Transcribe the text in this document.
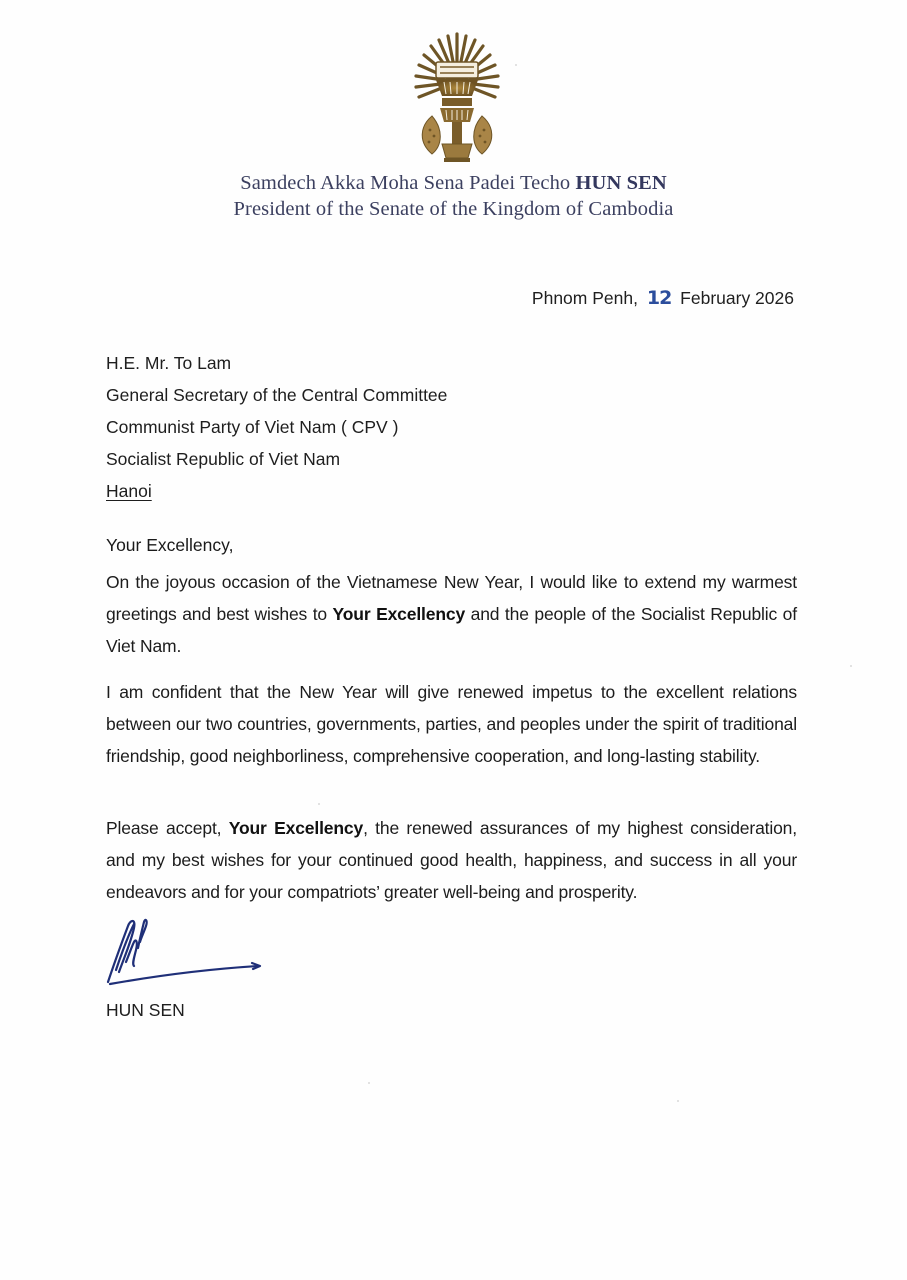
Samdech Akka Moha Sena Padei Techo HUN SEN
President of the Senate of the Kingdom of Cambodia
Phnom Penh, 12 February 2026
H.E. Mr. To Lam
General Secretary of the Central Committee
Communist Party of Viet Nam ( CPV )
Socialist Republic of Viet Nam
Hanoi
Your Excellency,
On the joyous occasion of the Vietnamese New Year, I would like to extend my warmest greetings and best wishes to Your Excellency and the people of the Socialist Republic of Viet Nam.
I am confident that the New Year will give renewed impetus to the excellent relations between our two countries, governments, parties, and peoples under the spirit of traditional friendship, good neighborliness, comprehensive cooperation, and long-lasting stability.
Please accept, Your Excellency, the renewed assurances of my highest consideration, and my best wishes for your continued good health, happiness, and success in all your endeavors and for your compatriots’ greater well-being and prosperity.
HUN SEN
